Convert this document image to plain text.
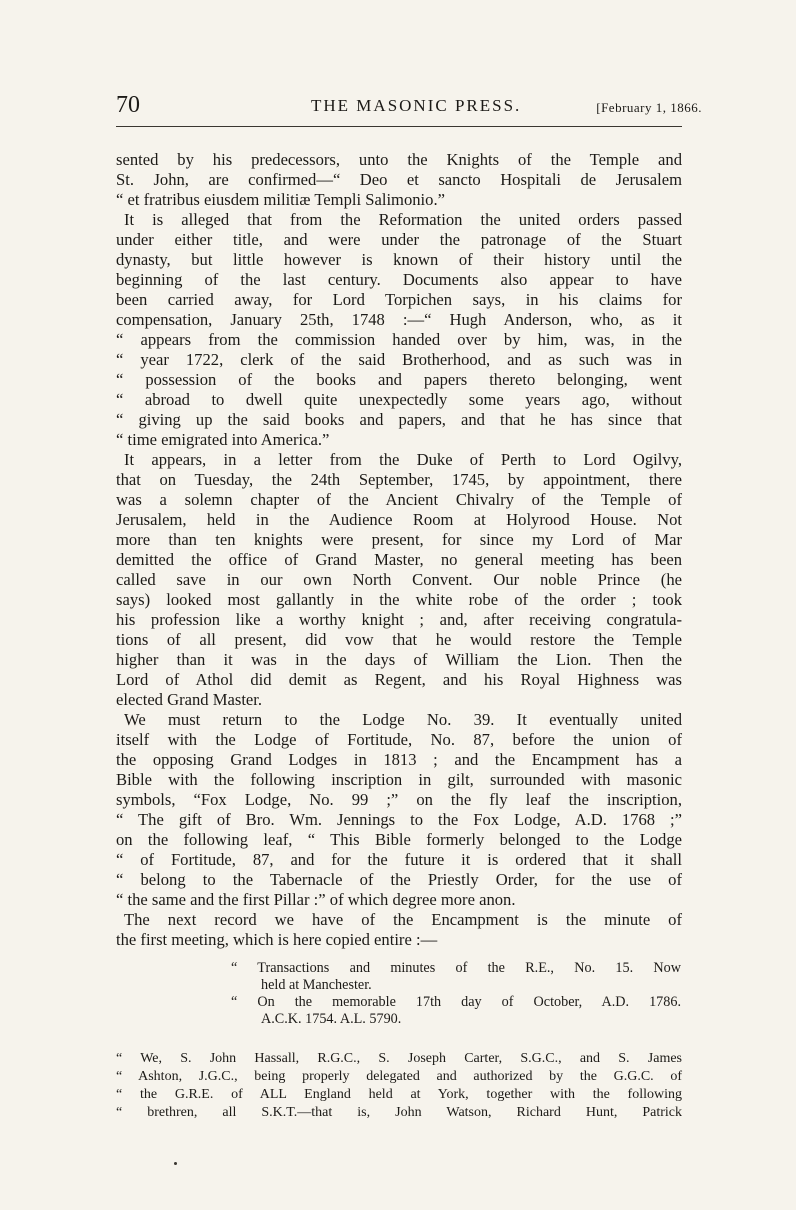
70	THE MASONIC PRESS.	[February 1, 1866.
sented by his predecessors, unto the Knights of the Temple and
St. John, are confirmed—“ Deo et sancto Hospitali de Jerusalem
“ et fratribus eiusdem militiæ Templi Salimonio.”
It is alleged that from the Reformation the united orders passed
under either title, and were under the patronage of the Stuart
dynasty, but little however is known of their history until the
beginning of the last century. Documents also appear to have
been carried away, for Lord Torpichen says, in his claims for
compensation, January 25th, 1748 :—“ Hugh Anderson, who, as it
“ appears from the commission handed over by him, was, in the
“ year 1722, clerk of the said Brotherhood, and as such was in
“ possession of the books and papers thereto belonging, went
“ abroad to dwell quite unexpectedly some years ago, without
“ giving up the said books and papers, and that he has since that
“ time emigrated into America.”
It appears, in a letter from the Duke of Perth to Lord Ogilvy,
that on Tuesday, the 24th September, 1745, by appointment, there
was a solemn chapter of the Ancient Chivalry of the Temple of
Jerusalem, held in the Audience Room at Holyrood House. Not
more than ten knights were present, for since my Lord of Mar
demitted the office of Grand Master, no general meeting has been
called save in our own North Convent. Our noble Prince (he
says) looked most gallantly in the white robe of the order ; took
his profession like a worthy knight ; and, after receiving congratula-
tions of all present, did vow that he would restore the Temple
higher than it was in the days of William the Lion. Then the
Lord of Athol did demit as Regent, and his Royal Highness was
elected Grand Master.
We must return to the Lodge No. 39. It eventually united
itself with the Lodge of Fortitude, No. 87, before the union of
the opposing Grand Lodges in 1813 ; and the Encampment has a
Bible with the following inscription in gilt, surrounded with masonic
symbols, “Fox Lodge, No. 99 ;” on the fly leaf the inscription,
“ The gift of Bro. Wm. Jennings to the Fox Lodge, A.D. 1768 ;”
on the following leaf, “ This Bible formerly belonged to the Lodge
“ of Fortitude, 87, and for the future it is ordered that it shall
“ belong to the Tabernacle of the Priestly Order, for the use of
“ the same and the first Pillar :” of which degree more anon.
The next record we have of the Encampment is the minute of
the first meeting, which is here copied entire :—
“ Transactions and minutes of the R.E., No. 15. Now
held at Manchester.
“ On the memorable 17th day of October, A.D. 1786.
A.C.K. 1754. A.L. 5790.
“ We, S. John Hassall, R.G.C., S. Joseph Carter, S.G.C., and S. James
“ Ashton, J.G.C., being properly delegated and authorized by the G.G.C. of
“ the G.R.E. of ALL England held at York, together with the following
“ brethren, all S.K.T.—that is, John Watson, Richard Hunt, Patrick
